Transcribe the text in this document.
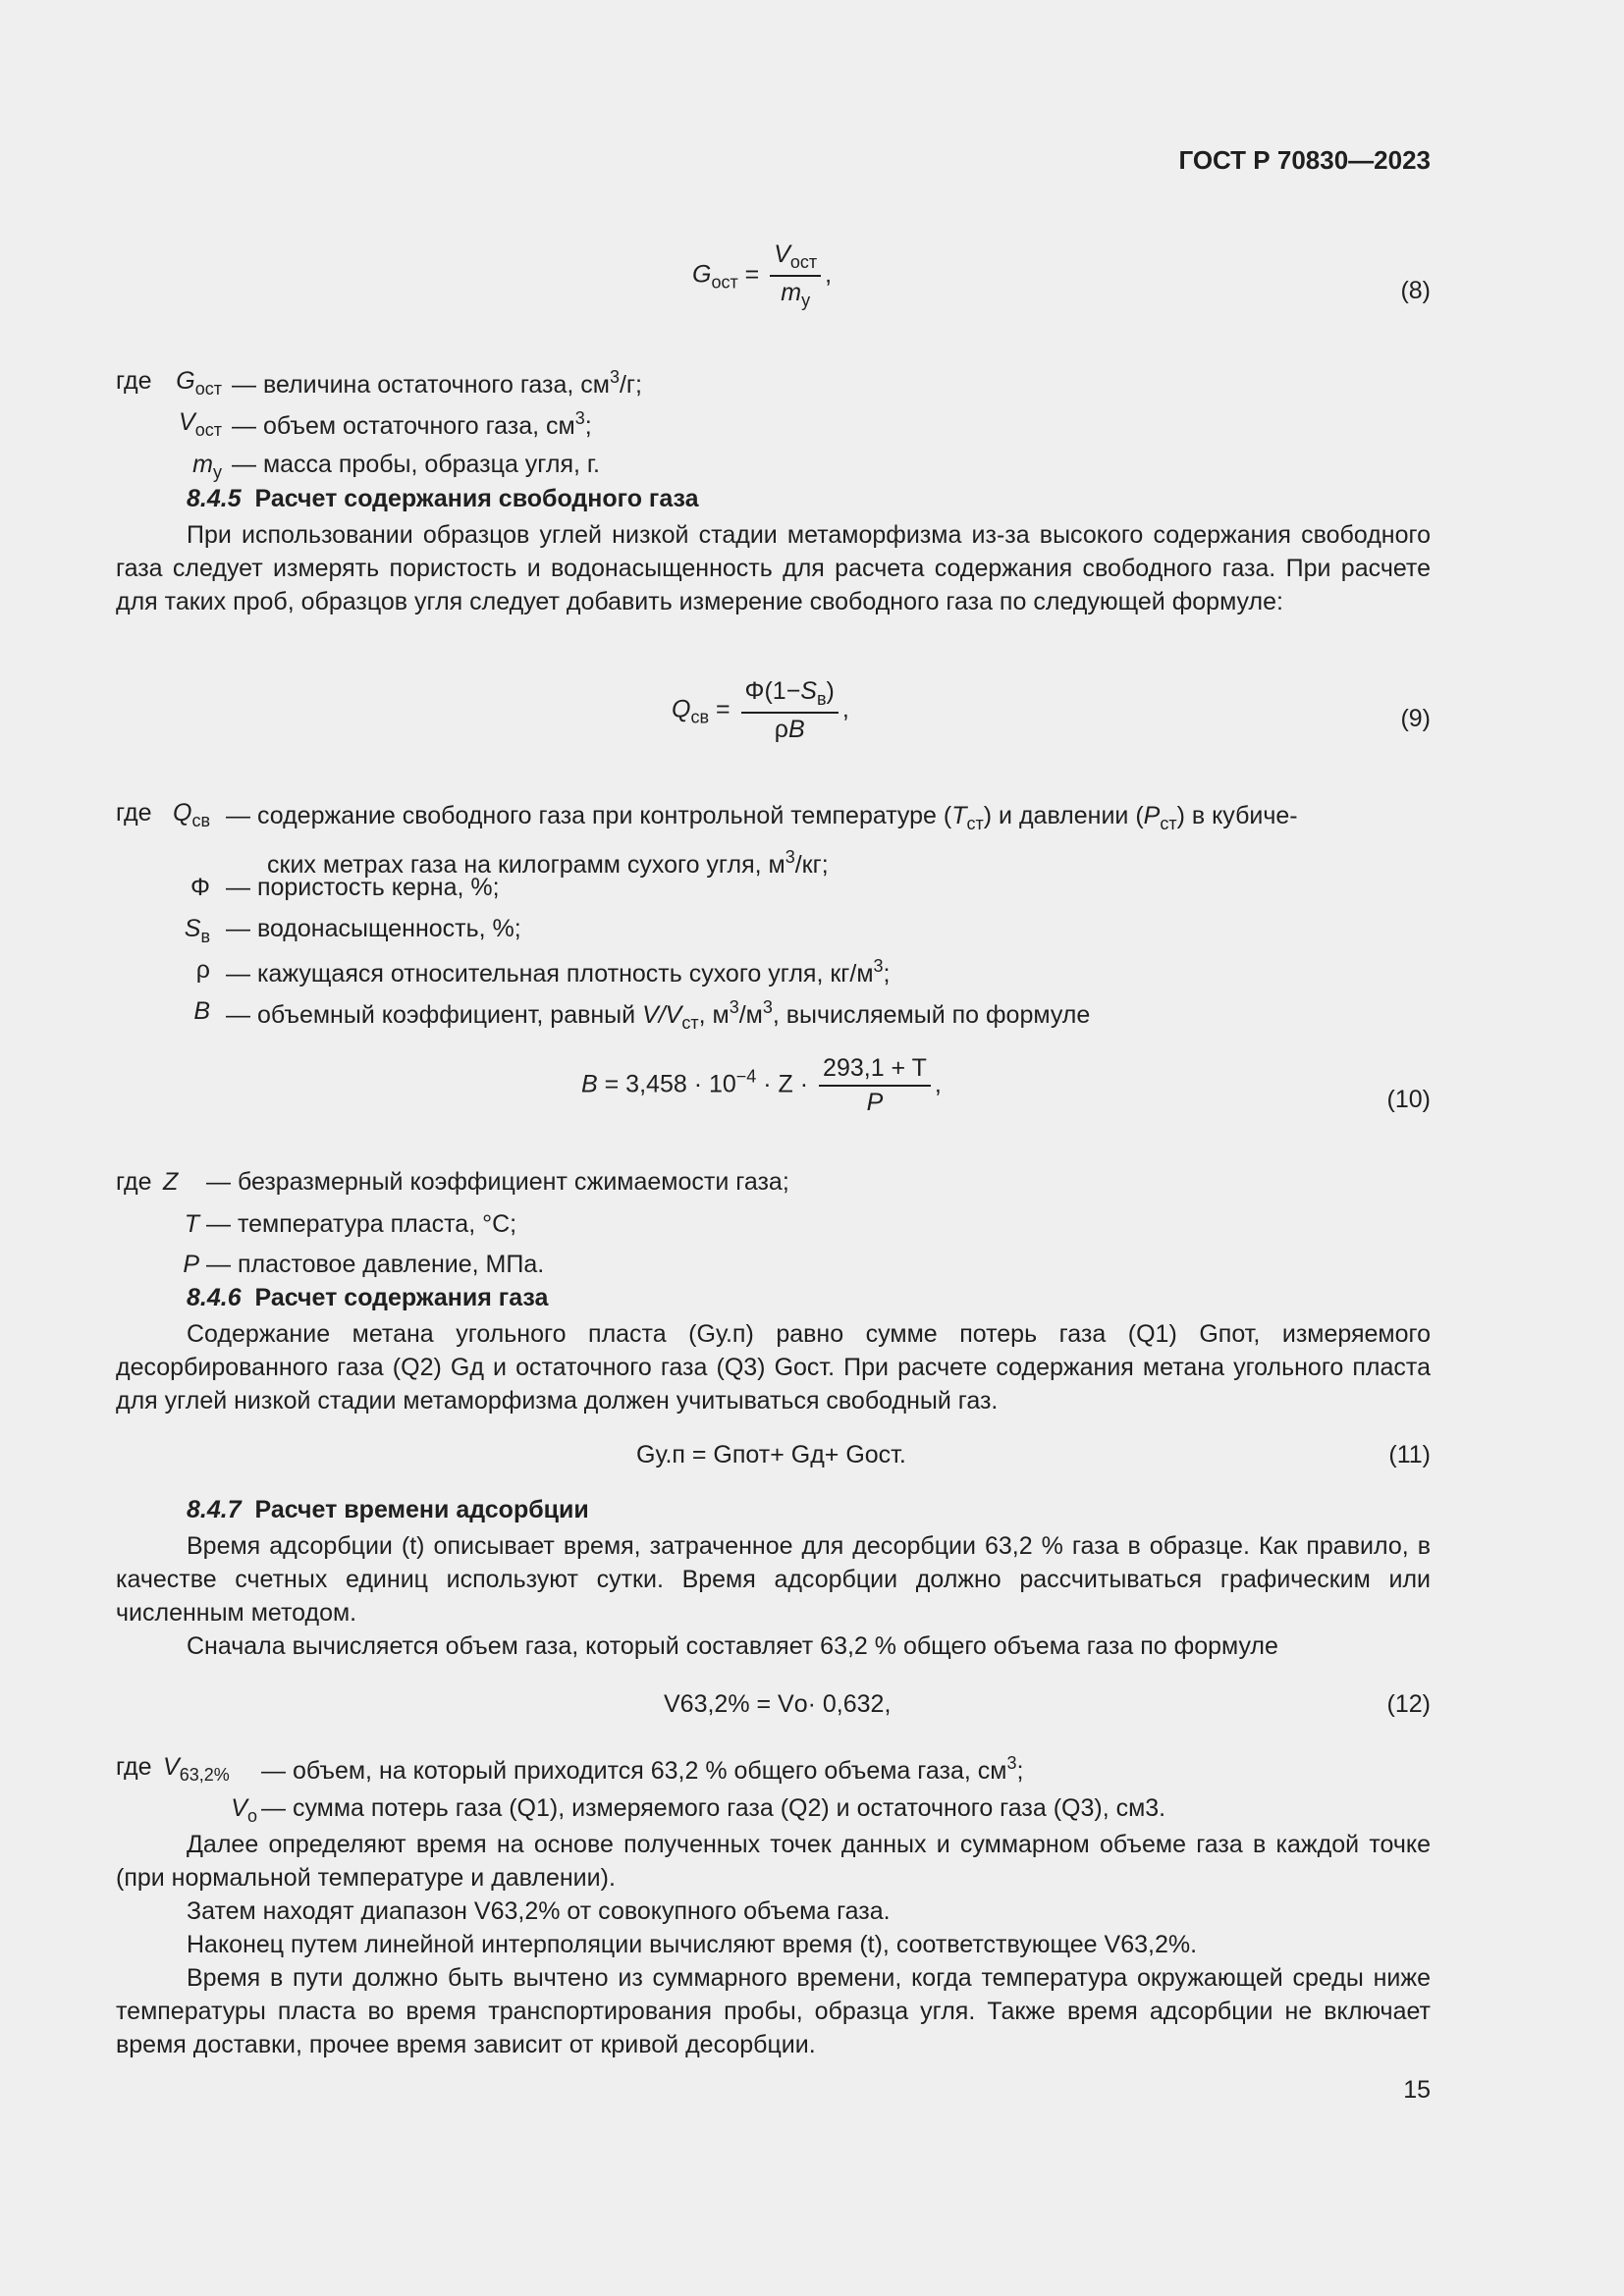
ГОСТ Р 70830—2023
$G_{ост} = \frac{V_{ост}}{m_у}$ ,
(8)
где $G_{ост}$ — величина остаточного газа, $см^3/г$;
$V_{ост}$ — объем остаточного газа, $см^3$;
$m_у$ — масса пробы, образца угля, г.
8.4.5 Расчет содержания свободного газа
При использовании образцов углей низкой стадии метаморфизма из-за высокого содержания свободного газа следует измерять пористость и водонасыщенность для расчета содержания свободного газа. При расчете для таких проб, образцов угля следует добавить измерение свободного газа по следующей формуле:
$Q_{св} = \frac{\Phi(1-S_в)}{\rho B}$ ,	(9)
где $Q_{св}$ — содержание свободного газа при контрольной температуре $(T_{ст})$ и давлении $(P_{ст})$ в кубиче-
ских метрах газа на килограмм сухого угля, $м^3/кг$;
Φ — пористость керна, %;
$S_в$ — водонасыщенность, %;
ρ — кажущаяся относительная плотность сухого угля, $кг/м^3$;
B — объемный коэффициент, равный $V/V_{ст}$, $м^3/м^3$, вычисляемый по формуле
$B = 3,458 \cdot 10^{-4} \cdot Z \cdot \frac{293,1 + T}{P}$ ,
(10)
где Z — безразмерный коэффициент сжимаемости газа;
T — температура пласта, °C;
P — пластовое давление, МПа.
8.4.6 Расчет содержания газа
Содержание метана угольного пласта (Gу.п) равно сумме потерь газа (Q1) Gпот, измеряемого десорбированного газа (Q2) Gд и остаточного газа (Q3) Gост. При расчете содержания метана угольного пласта для углей низкой стадии метаморфизма должен учитываться свободный газ.
Gу.п = Gпот+ Gд+ Gост.	(11)
8.4.7 Расчет времени адсорбции
Время адсорбции (t) описывает время, затраченное для десорбции 63,2 % газа в образце. Как правило, в качестве счетных единиц используют сутки. Время адсорбции должно рассчитываться графическим или численным методом.
Сначала вычисляется объем газа, который составляет 63,2 % общего объема газа по формуле
V63,2% = Vо· 0,632,	(12)
где $V_{63,2\%}$ — объем, на который приходится 63,2 % общего объема газа, $см^3$;
$V_о$ — сумма потерь газа (Q1), измеряемого газа (Q2) и остаточного газа (Q3), см3.
Далее определяют время на основе полученных точек данных и суммарном объеме газа в каждой точке (при нормальной температуре и давлении).
Затем находят диапазон V63,2% от совокупного объема газа.
Наконец путем линейной интерполяции вычисляют время (t), соответствующее V63,2%.
Время в пути должно быть вычтено из суммарного времени, когда температура окружающей среды ниже температуры пласта во время транспортирования пробы, образца угля. Также время адсорбции не включает время доставки, прочее время зависит от кривой десорбции.
15
